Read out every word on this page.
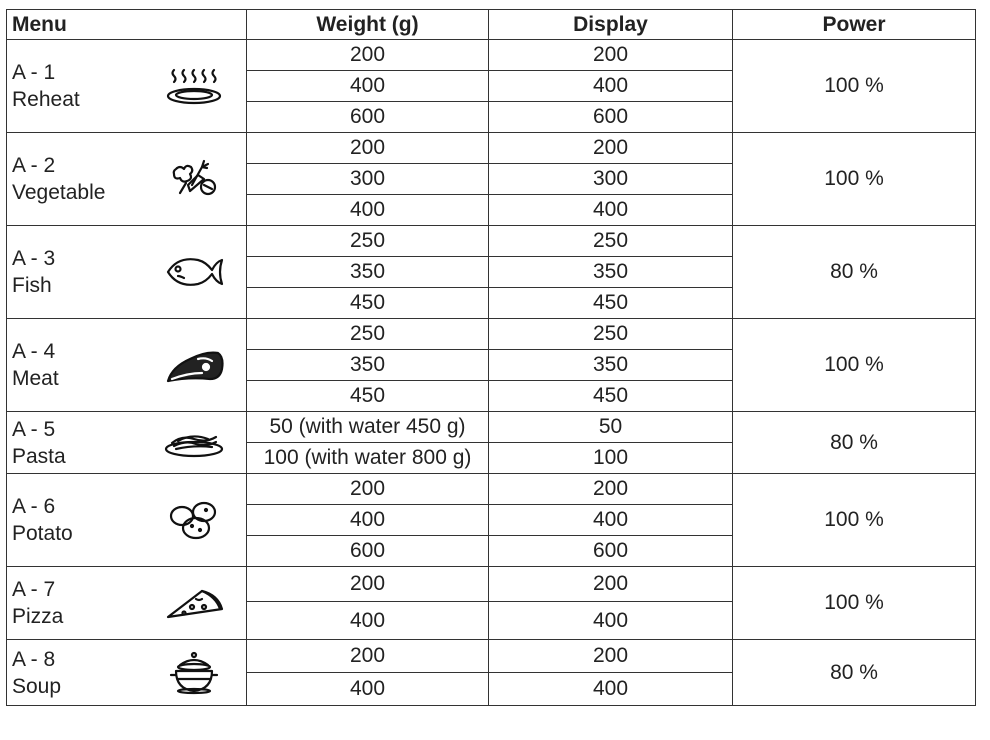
Menu	Weight (g)	Display	Power
A - 1
Reheat	200	200	100 %
	400	400	
	600	600	
A - 2
Vegetable	200	200	100 %
	300	300	
	400	400	
A - 3
Fish	250	250	80 %
	350	350	
	450	450	
A - 4
Meat	250	250	100 %
	350	350	
	450	450	
A - 5
Pasta	50 (with water 450 g)	50	80 %
	100 (with water 800 g)	100	
A - 6
Potato	200	200	100 %
	400	400	
	600	600	
A - 7
Pizza	200	200	100 %
	400	400	
A - 8
Soup	200	200	80 %
	400	400	
